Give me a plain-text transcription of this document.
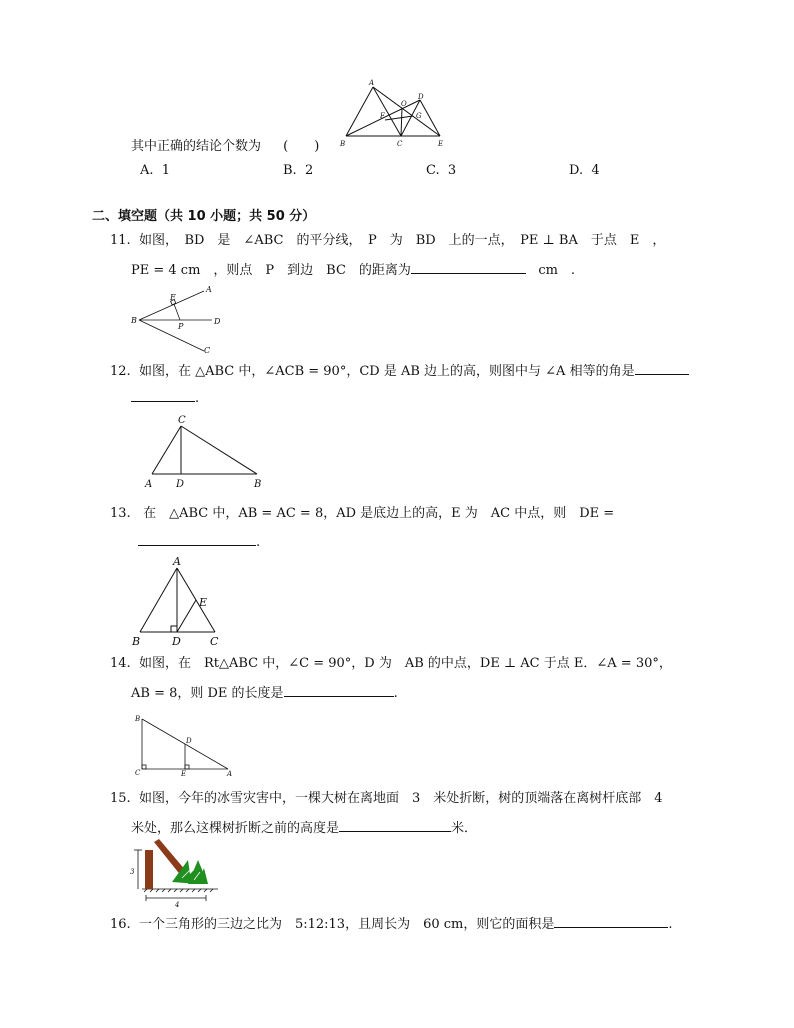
A
B	C
D
E
F	G
O
其中正确的结论个数为 (　　)
A. 1	B. 2	C. 3	D. 4
二、填空题（共 10 小题；共 50 分）
11. 如图，　BD　是　∠ABC　的平分线，　P　为　BD　上的一点，　PE ⊥ BA　于点　E　，
PE = 4 cm　，则点　P　到边　BC　的距离为	cm　.
A
B
C
D
E
P
12. 如图，在 △ABC 中，∠ACB = 90°，CD 是 AB 边上的高，则图中与 ∠A 相等的角是
.
C
A D	B
13. 在　△ABC 中，AB = AC = 8，AD 是底边上的高，E 为　AC 中点，则　DE =
.
A
B	D	C
E
14. 如图，在　Rt△ABC 中，∠C = 90°，D 为　AB 的中点，DE ⊥ AC 于点 E．∠A = 30°，
AB = 8，则 DE 的长度是	.
B
C
D
E	A
15. 如图，今年的冰雪灾害中，一棵大树在离地面　3　米处折断，树的顶端落在离树杆底部　4
米处，那么这棵树折断之前的高度是	米．
3
4
16. 一个三角形的三边之比为　5:12:13，且周长为　60 cm，则它的面积是	.
